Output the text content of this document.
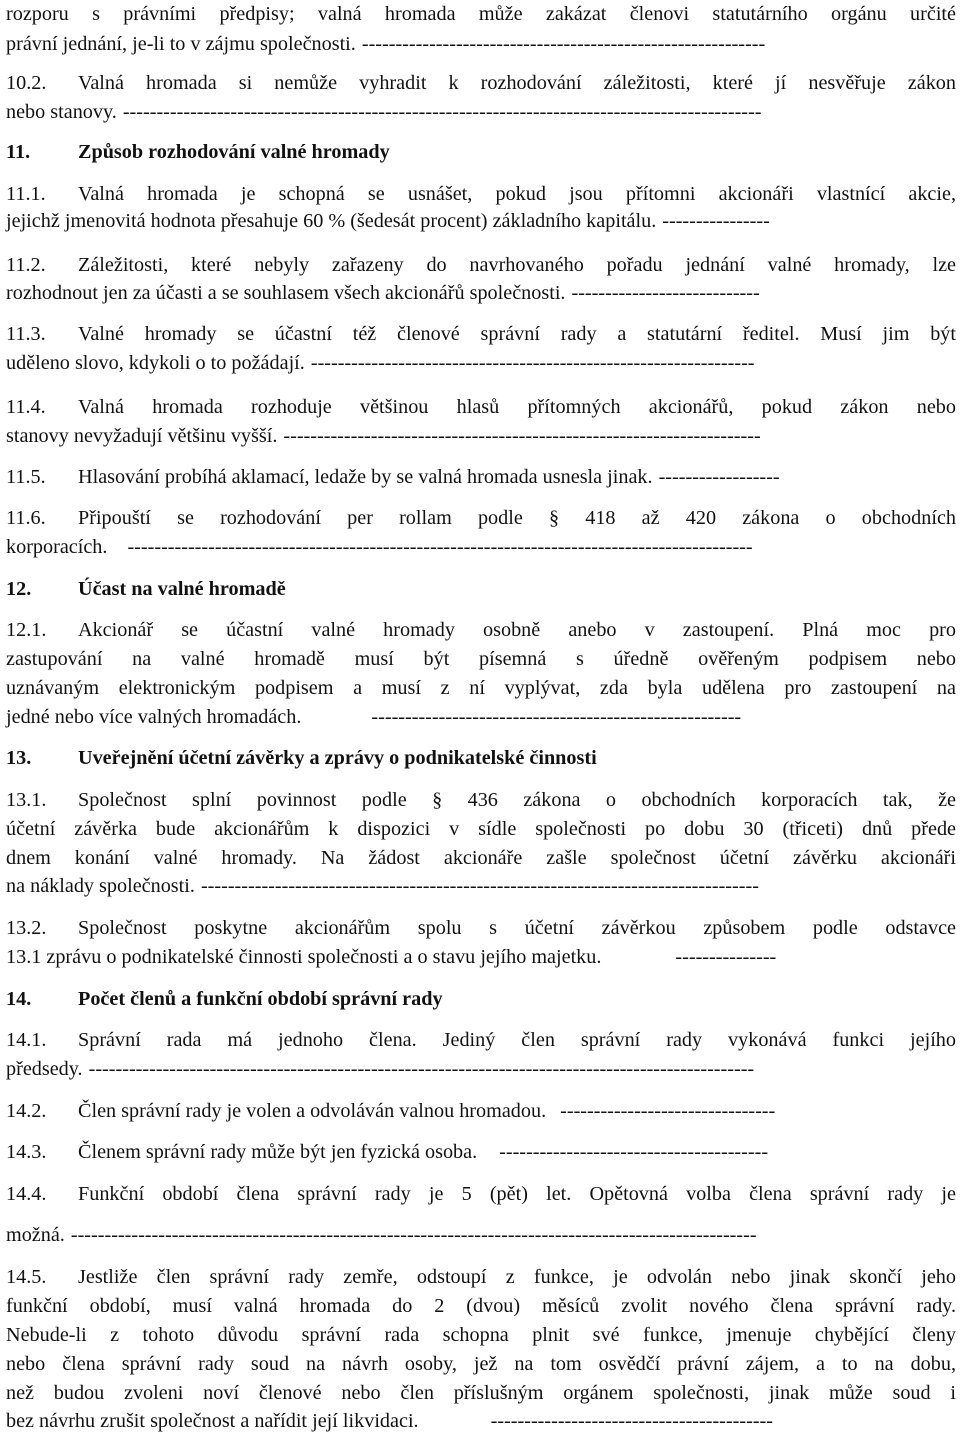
rozporu s právními předpisy; valná hromada může zakázat členovi statutárního orgánu určité
právní jednání, je-li to v zájmu společnosti. ------------------------------------------------------------
10.2. Valná hromada si nemůže vyhradit k rozhodování záležitosti, které jí nesvěřuje zákon
nebo stanovy. -----------------------------------------------------------------------------------------------
11. Způsob rozhodování valné hromady
11.1. Valná hromada je schopná se usnášet, pokud jsou přítomni akcionáři vlastnící akcie,
jejichž jmenovitá hodnota přesahuje 60 % (šedesát procent) základního kapitálu. ----------------
11.2. Záležitosti, které nebyly zařazeny do navrhovaného pořadu jednání valné hromady, lze
rozhodnout jen za účasti a se souhlasem všech akcionářů společnosti. ----------------------------
11.3. Valné hromady se účastní též členové správní rady a statutární ředitel. Musí jim být
uděleno slovo, kdykoli o to požádají. ------------------------------------------------------------------
11.4. Valná hromada rozhoduje většinou hlasů přítomných akcionářů, pokud zákon nebo
stanovy nevyžadují většinu vyšší. -----------------------------------------------------------------------
11.5. Hlasování probíhá aklamací, ledaže by se valná hromada usnesla jinak. ------------------
11.6. Připouští se rozhodování per rollam podle § 418 až 420 zákona o obchodních
korporacích. ---------------------------------------------------------------------------------------------
12. Účast na valné hromadě
12.1. Akcionář se účastní valné hromady osobně anebo v zastoupení. Plná moc pro
zastupování na valné hromadě musí být písemná s úředně ověřeným podpisem nebo
uznávaným elektronickým podpisem a musí z ní vyplývat, zda byla udělena pro zastoupení na
jedné nebo více valných hromadách.	-------------------------------------------------------
13. Uveřejnění účetní závěrky a zprávy o podnikatelské činnosti
13.1. Společnost splní povinnost podle § 436 zákona o obchodních korporacích tak, že
účetní závěrka bude akcionářům k dispozici v sídle společnosti po dobu 30 (třiceti) dnů přede
dnem konání valné hromady. Na žádost akcionáře zašle společnost účetní závěrku akcionáři
na náklady společnosti. -----------------------------------------------------------------------------------
13.2. Společnost poskytne akcionářům spolu s účetní závěrkou způsobem podle odstavce
13.1 zprávu o podnikatelské činnosti společnosti a o stavu jejího majetku.	---------------
14. Počet členů a funkční období správní rady
14.1. Správní rada má jednoho člena. Jediný člen správní rady vykonává funkci jejího
předsedy. ---------------------------------------------------------------------------------------------------
14.2. Člen správní rady je volen a odvoláván valnou hromadou. --------------------------------
14.3. Členem správní rady může být jen fyzická osoba. ----------------------------------------
14.4. Funkční období člena správní rady je 5 (pět) let. Opětovná volba člena správní rady je
možná. ------------------------------------------------------------------------------------------------------
14.5. Jestliže člen správní rady zemře, odstoupí z funkce, je odvolán nebo jinak skončí jeho
funkční období, musí valná hromada do 2 (dvou) měsíců zvolit nového člena správní rady.
Nebude-li z tohoto důvodu správní rada schopna plnit své funkce, jmenuje chybějící členy
nebo člena správní rady soud na návrh osoby, jež na tom osvědčí právní zájem, a to na dobu,
než budou zvoleni noví členové nebo člen příslušným orgánem společnosti, jinak může soud i
bez návrhu zrušit společnost a nařídit její likvidaci.	------------------------------------------
